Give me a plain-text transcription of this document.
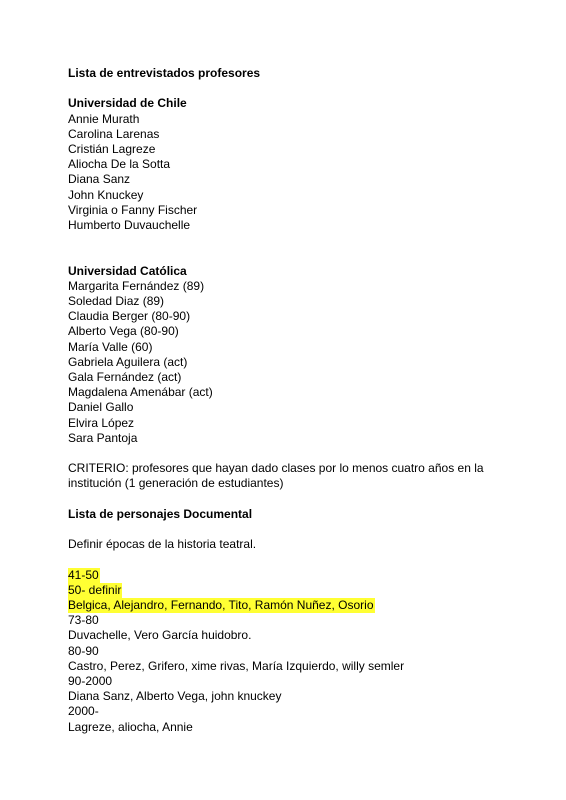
Lista de entrevistados profesores
Universidad de Chile
Annie Murath
Carolina Larenas
Cristián Lagreze
Aliocha De la Sotta
Diana Sanz
John Knuckey
Virginia o Fanny Fischer
Humberto Duvauchelle
Universidad Católica
Margarita Fernández (89)
Soledad Diaz (89)
Claudia Berger (80-90)
Alberto Vega (80-90)
María Valle (60)
Gabriela Aguilera (act)
Gala Fernández (act)
Magdalena Amenábar (act)
Daniel Gallo
Elvira López
Sara Pantoja
CRITERIO: profesores que hayan dado clases por lo menos cuatro años en la institución (1 generación de estudiantes)
Lista de personajes Documental
Definir épocas de la historia teatral.
41-50
50- definir
Belgica, Alejandro, Fernando, Tito, Ramón Nuñez, Osorio
73-80
Duvachelle, Vero García huidobro.
80-90
Castro, Perez, Grifero, xime rivas, María Izquierdo, willy semler
90-2000
Diana Sanz, Alberto Vega, john knuckey
2000-
Lagreze, aliocha, Annie
